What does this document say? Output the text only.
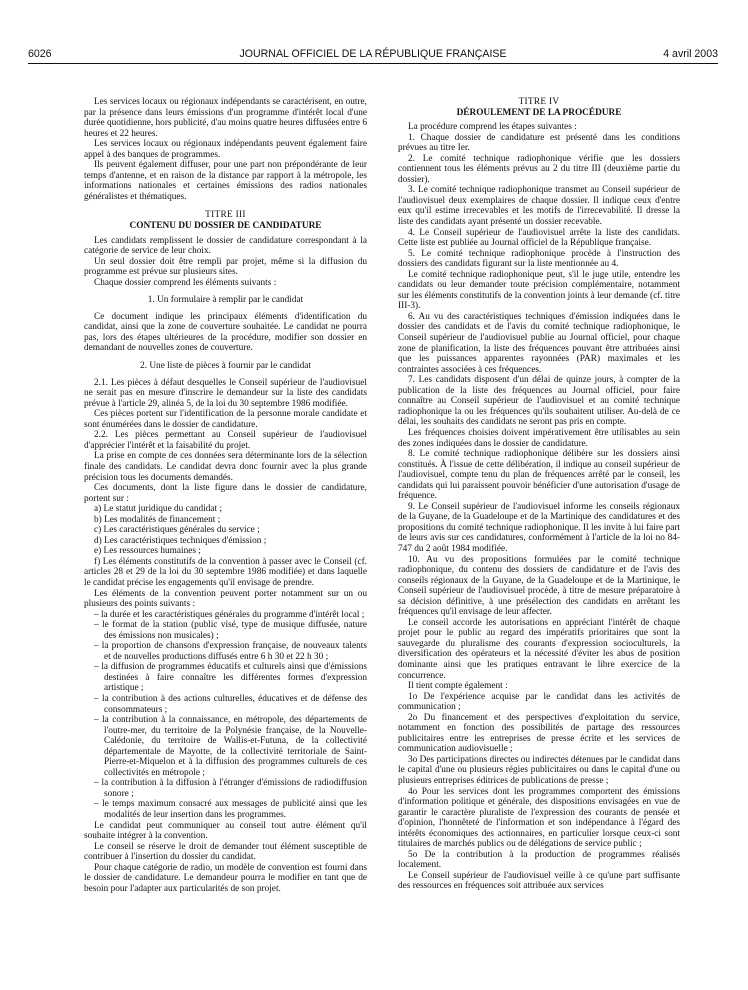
6026	JOURNAL OFFICIEL DE LA RÉPUBLIQUE FRANÇAISE	4 avril 2003

Les services locaux ou régionaux indépendants se caractérisent, en outre, par la présence dans leurs émissions d'un programme d'intérêt local d'une durée quotidienne, hors publicité, d'au moins quatre heures diffusées entre 6 heures et 22 heures.

Les services locaux ou régionaux indépendants peuvent également faire appel à des banques de programmes.

Ils peuvent également diffuser, pour une part non prépondérante de leur temps d'antenne, et en raison de la distance par rapport à la métropole, les informations nationales et certaines émissions des radios nationales généralistes et thématiques.

TITRE III

CONTENU DU DOSSIER DE CANDIDATURE

Les candidats remplissent le dossier de candidature correspondant à la catégorie de service de leur choix.

Un seul dossier doit être rempli par projet, même si la diffusion du programme est prévue sur plusieurs sites.

Chaque dossier comprend les éléments suivants :

1. Un formulaire à remplir par le candidat

Ce document indique les principaux éléments d'identification du candidat, ainsi que la zone de couverture souhaitée. Le candidat ne pourra pas, lors des étapes ultérieures de la procédure, modifier son dossier en demandant de nouvelles zones de couverture.

2. Une liste de pièces à fournir par le candidat

2.1. Les pièces à défaut desquelles le Conseil supérieur de l'audiovisuel ne serait pas en mesure d'inscrire le demandeur sur la liste des candidats prévue à l'article 29, alinéa 5, de la loi du 30 septembre 1986 modifiée.

Ces pièces portent sur l'identification de la personne morale candidate et sont énumérées dans le dossier de candidature.

2.2. Les pièces permettant au Conseil supérieur de l'audiovisuel d'apprécier l'intérêt et la faisabilité du projet.

La prise en compte de ces données sera déterminante lors de la sélection finale des candidats. Le candidat devra donc fournir avec la plus grande précision tous les documents demandés.

Ces documents, dont la liste figure dans le dossier de candidature, portent sur :

a) Le statut juridique du candidat ;

b) Les modalités de financement ;

c) Les caractéristiques générales du service ;

d) Les caractéristiques techniques d'émission ;

e) Les ressources humaines ;

f) Les éléments constitutifs de la convention à passer avec le Conseil (cf. articles 28 et 29 de la loi du 30 septembre 1986 modifiée) et dans laquelle le candidat précise les engagements qu'il envisage de prendre.

Les éléments de la convention peuvent porter notamment sur un ou plusieurs des points suivants :

– la durée et les caractéristiques générales du programme d'intérêt local ;

– le format de la station (public visé, type de musique diffusée, nature des émissions non musicales) ;

– la proportion de chansons d'expression française, de nouveaux talents et de nouvelles productions diffusés entre 6 h 30 et 22 h 30 ;

– la diffusion de programmes éducatifs et culturels ainsi que d'émissions destinées à faire connaître les différentes formes d'expression artistique ;

– la contribution à des actions culturelles, éducatives et de défense des consommateurs ;

– la contribution à la connaissance, en métropole, des départements de l'outre-mer, du territoire de la Polynésie française, de la Nouvelle-Calédonie, du territoire de Wallis-et-Futuna, de la collectivité départementale de Mayotte, de la collectivité territoriale de Saint-Pierre-et-Miquelon et à la diffusion des programmes culturels de ces collectivités en métropole ;

– la contribution à la diffusion à l'étranger d'émissions de radiodiffusion sonore ;

– le temps maximum consacré aux messages de publicité ainsi que les modalités de leur insertion dans les programmes.

Le candidat peut communiquer au conseil tout autre élément qu'il souhaite intégrer à la convention.

Le conseil se réserve le droit de demander tout élément susceptible de contribuer à l'insertion du dossier du candidat.

Pour chaque catégorie de radio, un modèle de convention est fourni dans le dossier de candidature. Le demandeur pourra le modifier en tant que de besoin pour l'adapter aux particularités de son projet.

TITRE IV

DÉROULEMENT DE LA PROCÉDURE

La procédure comprend les étapes suivantes :

1. Chaque dossier de candidature est présenté dans les conditions prévues au titre Ier.

2. Le comité technique radiophonique vérifie que les dossiers contiennent tous les éléments prévus au 2 du titre III (deuxième partie du dossier).

3. Le comité technique radiophonique transmet au Conseil supérieur de l'audiovisuel deux exemplaires de chaque dossier. Il indique ceux d'entre eux qu'il estime irrecevables et les motifs de l'irrecevabilité. Il dresse la liste des candidats ayant présenté un dossier recevable.

4. Le Conseil supérieur de l'audiovisuel arrête la liste des candidats. Cette liste est publiée au Journal officiel de la République française.

5. Le comité technique radiophonique procède à l'instruction des dossiers des candidats figurant sur la liste mentionnée au 4.

Le comité technique radiophonique peut, s'il le juge utile, entendre les candidats ou leur demander toute précision complémentaire, notamment sur les éléments constitutifs de la convention joints à leur demande (cf. titre III-3).

6. Au vu des caractéristiques techniques d'émission indiquées dans le dossier des candidats et de l'avis du comité technique radiophonique, le Conseil supérieur de l'audiovisuel publie au Journal officiel, pour chaque zone de planification, la liste des fréquences pouvant être attribuées ainsi que les puissances apparentes rayonnées (PAR) maximales et les contraintes associées à ces fréquences.

7. Les candidats disposent d'un délai de quinze jours, à compter de la publication de la liste des fréquences au Journal officiel, pour faire connaître au Conseil supérieur de l'audiovisuel et au comité technique radiophonique la ou les fréquences qu'ils souhaitent utiliser. Au-delà de ce délai, les souhaits des candidats ne seront pas pris en compte.

Les fréquences choisies doivent impérativement être utilisables au sein des zones indiquées dans le dossier de candidature.

8. Le comité technique radiophonique délibère sur les dossiers ainsi constitués. À l'issue de cette délibération, il indique au conseil supérieur de l'audiovisuel, compte tenu du plan de fréquences arrêté par le conseil, les candidats qui lui paraissent pouvoir bénéficier d'une autorisation d'usage de fréquence.

9. Le Conseil supérieur de l'audiovisuel informe les conseils régionaux de la Guyane, de la Guadeloupe et de la Martinique des candidatures et des propositions du comité technique radiophonique. Il les invite à lui faire part de leurs avis sur ces candidatures, conformément à l'article de la loi no 84-747 du 2 août 1984 modifiée.

10. Au vu des propositions formulées par le comité technique radiophonique, du contenu des dossiers de candidature et de l'avis des conseils régionaux de la Guyane, de la Guadeloupe et de la Martinique, le Conseil supérieur de l'audiovisuel procède, à titre de mesure préparatoire à sa décision définitive, à une présélection des candidats en arrêtant les fréquences qu'il envisage de leur affecter.

Le conseil accorde les autorisations en appréciant l'intérêt de chaque projet pour le public au regard des impératifs prioritaires que sont la sauvegarde du pluralisme des courants d'expression socioculturels, la diversification des opérateurs et la nécessité d'éviter les abus de position dominante ainsi que les pratiques entravant le libre exercice de la concurrence.

Il tient compte également :

1o De l'expérience acquise par le candidat dans les activités de communication ;

2o Du financement et des perspectives d'exploitation du service, notamment en fonction des possibilités de partage des ressources publicitaires entre les entreprises de presse écrite et les services de communication audiovisuelle ;

3o Des participations directes ou indirectes détenues par le candidat dans le capital d'une ou plusieurs régies publicitaires ou dans le capital d'une ou plusieurs entreprises éditrices de publications de presse ;

4o Pour les services dont les programmes comportent des émissions d'information politique et générale, des dispositions envisagées en vue de garantir le caractère pluraliste de l'expression des courants de pensée et d'opinion, l'honnêteté de l'information et son indépendance à l'égard des intérêts économiques des actionnaires, en particulier lorsque ceux-ci sont titulaires de marchés publics ou de délégations de service public ;

5o De la contribution à la production de programmes réalisés localement.

Le Conseil supérieur de l'audiovisuel veille à ce qu'une part suffisante des ressources en fréquences soit attribuée aux services
